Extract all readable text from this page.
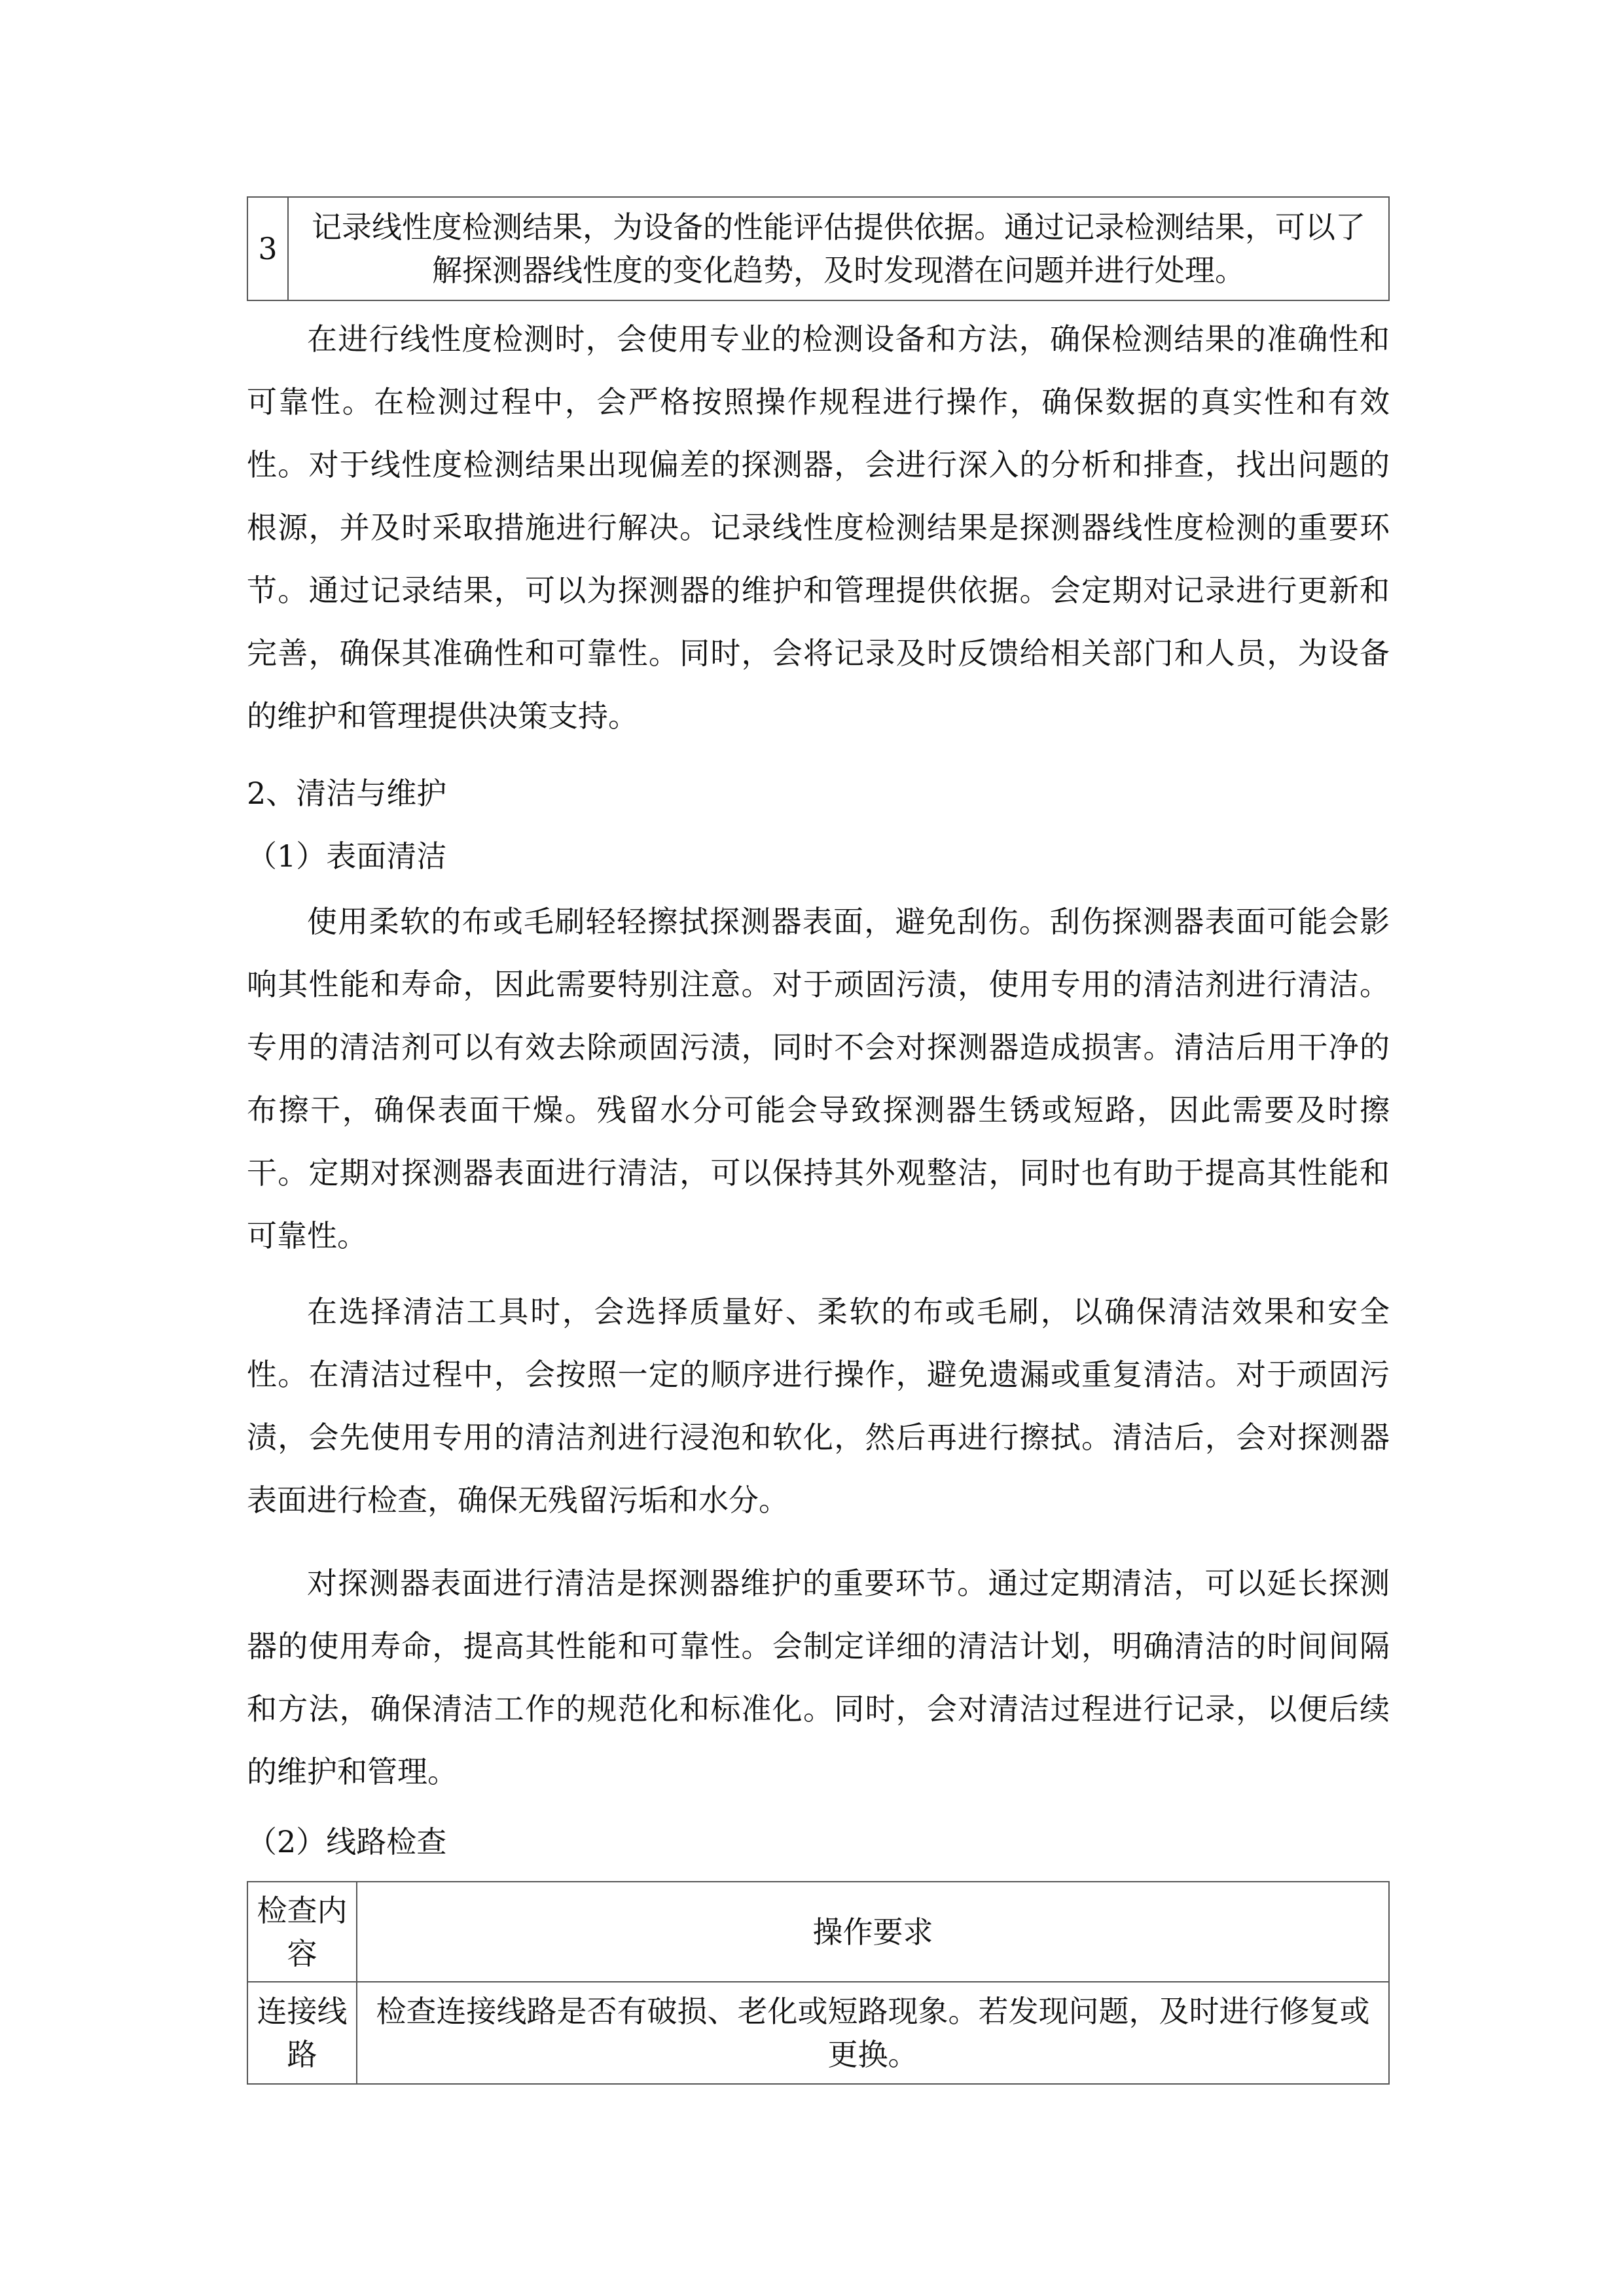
3	记录线性度检测结果，为设备的性能评估提供依据。通过记录检测结果，可以了解探测器线性度的变化趋势，及时发现潜在问题并进行处理。

在进行线性度检测时，会使用专业的检测设备和方法，确保检测结果的准确性和可靠性。在检测过程中，会严格按照操作规程进行操作，确保数据的真实性和有效性。对于线性度检测结果出现偏差的探测器，会进行深入的分析和排查，找出问题的根源，并及时采取措施进行解决。记录线性度检测结果是探测器线性度检测的重要环节。通过记录结果，可以为探测器的维护和管理提供依据。会定期对记录进行更新和完善，确保其准确性和可靠性。同时，会将记录及时反馈给相关部门和人员，为设备的维护和管理提供决策支持。

2、清洁与维护

（1）表面清洁

使用柔软的布或毛刷轻轻擦拭探测器表面，避免刮伤。刮伤探测器表面可能会影响其性能和寿命，因此需要特别注意。对于顽固污渍，使用专用的清洁剂进行清洁。专用的清洁剂可以有效去除顽固污渍，同时不会对探测器造成损害。清洁后用干净的布擦干，确保表面干燥。残留水分可能会导致探测器生锈或短路，因此需要及时擦干。定期对探测器表面进行清洁，可以保持其外观整洁，同时也有助于提高其性能和可靠性。

在选择清洁工具时，会选择质量好、柔软的布或毛刷，以确保清洁效果和安全性。在清洁过程中，会按照一定的顺序进行操作，避免遗漏或重复清洁。对于顽固污渍，会先使用专用的清洁剂进行浸泡和软化，然后再进行擦拭。清洁后，会对探测器表面进行检查，确保无残留污垢和水分。

对探测器表面进行清洁是探测器维护的重要环节。通过定期清洁，可以延长探测器的使用寿命，提高其性能和可靠性。会制定详细的清洁计划，明确清洁的时间间隔和方法，确保清洁工作的规范化和标准化。同时，会对清洁过程进行记录，以便后续的维护和管理。

（2）线路检查

检查内容	操作要求
连接线路	检查连接线路是否有破损、老化或短路现象。若发现问题，及时进行修复或更换。
